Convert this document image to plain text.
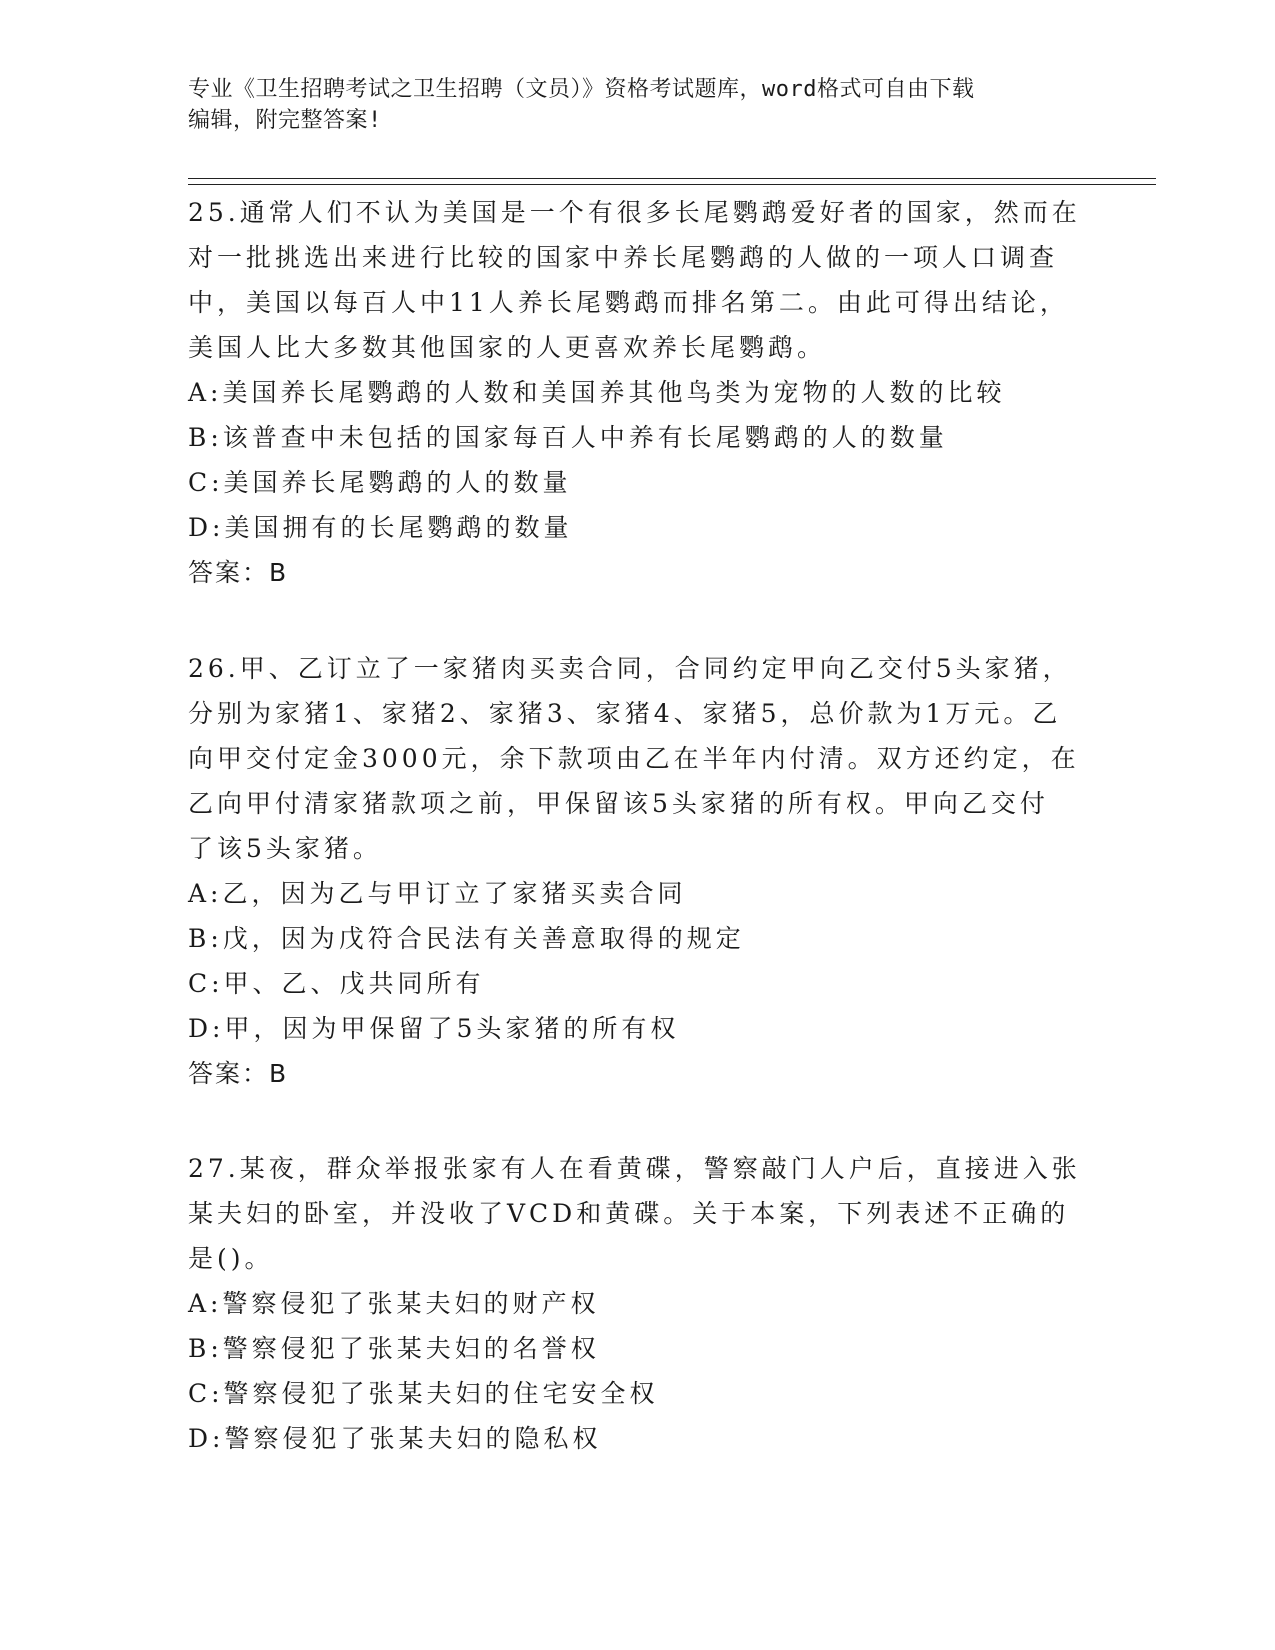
专业《卫生招聘考试之卫生招聘（文员）》资格考试题库，word格式可自由下载
编辑，附完整答案!
25.通常人们不认为美国是一个有很多长尾鹦鹉爱好者的国家，然而在
对一批挑选出来进行比较的国家中养长尾鹦鹉的人做的一项人口调查
中，美国以每百人中11人养长尾鹦鹉而排名第二。由此可得出结论，
美国人比大多数其他国家的人更喜欢养长尾鹦鹉。
A:美国养长尾鹦鹉的人数和美国养其他鸟类为宠物的人数的比较
B:该普查中未包括的国家每百人中养有长尾鹦鹉的人的数量
C:美国养长尾鹦鹉的人的数量
D:美国拥有的长尾鹦鹉的数量
答案：B
26.甲、乙订立了一家猪肉买卖合同，合同约定甲向乙交付5头家猪，
分别为家猪1、家猪2、家猪3、家猪4、家猪5，总价款为1万元。乙
向甲交付定金3000元，余下款项由乙在半年内付清。双方还约定，在
乙向甲付清家猪款项之前，甲保留该5头家猪的所有权。甲向乙交付
了该5头家猪。
A:乙，因为乙与甲订立了家猪买卖合同
B:戊，因为戊符合民法有关善意取得的规定
C:甲、乙、戊共同所有
D:甲，因为甲保留了5头家猪的所有权
答案：B
27.某夜，群众举报张家有人在看黄碟，警察敲门人户后，直接进入张
某夫妇的卧室，并没收了VCD和黄碟。关于本案，下列表述不正确的
是()。
A:警察侵犯了张某夫妇的财产权
B:警察侵犯了张某夫妇的名誉权
C:警察侵犯了张某夫妇的住宅安全权
D:警察侵犯了张某夫妇的隐私权
